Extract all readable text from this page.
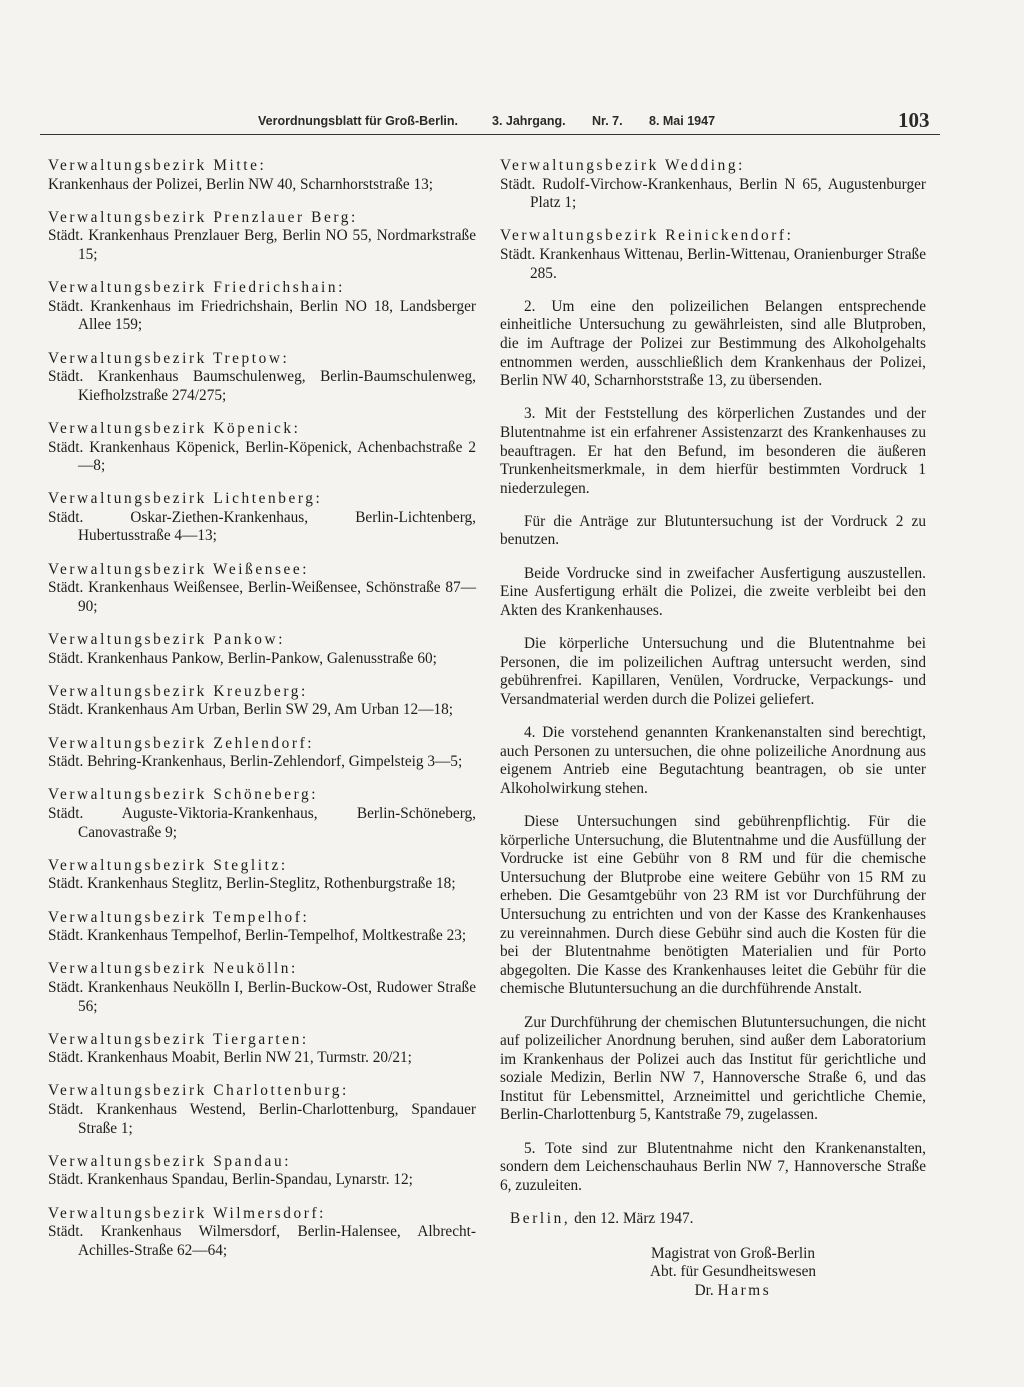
Verordnungsblatt für Groß-Berlin.	3. Jahrgang. Nr. 7. 8. Mai 1947	103
Verwaltungsbezirk Mitte:
Krankenhaus der Polizei, Berlin NW 40, Scharnhorststraße 13;
Verwaltungsbezirk Prenzlauer Berg:
Städt. Krankenhaus Prenzlauer Berg, Berlin NO 55, Nordmarkstraße 15;
Verwaltungsbezirk Friedrichshain:
Städt. Krankenhaus im Friedrichshain, Berlin NO 18, Landsberger Allee 159;
Verwaltungsbezirk Treptow:
Städt. Krankenhaus Baumschulenweg, Berlin-Baumschulenweg, Kiefholzstraße 274/275;
Verwaltungsbezirk Köpenick:
Städt. Krankenhaus Köpenick, Berlin-Köpenick, Achenbachstraße 2—8;
Verwaltungsbezirk Lichtenberg:
Städt. Oskar-Ziethen-Krankenhaus, Berlin-Lichtenberg, Hubertusstraße 4—13;
Verwaltungsbezirk Weißensee:
Städt. Krankenhaus Weißensee, Berlin-Weißensee, Schönstraße 87—90;
Verwaltungsbezirk Pankow:
Städt. Krankenhaus Pankow, Berlin-Pankow, Galenusstraße 60;
Verwaltungsbezirk Kreuzberg:
Städt. Krankenhaus Am Urban, Berlin SW 29, Am Urban 12—18;
Verwaltungsbezirk Zehlendorf:
Städt. Behring-Krankenhaus, Berlin-Zehlendorf, Gimpelsteig 3—5;
Verwaltungsbezirk Schöneberg:
Städt. Auguste-Viktoria-Krankenhaus, Berlin-Schöneberg, Canovastraße 9;
Verwaltungsbezirk Steglitz:
Städt. Krankenhaus Steglitz, Berlin-Steglitz, Rothenburgstraße 18;
Verwaltungsbezirk Tempelhof:
Städt. Krankenhaus Tempelhof, Berlin-Tempelhof, Moltkestraße 23;
Verwaltungsbezirk Neukölln:
Städt. Krankenhaus Neukölln I, Berlin-Buckow-Ost, Rudower Straße 56;
Verwaltungsbezirk Tiergarten:
Städt. Krankenhaus Moabit, Berlin NW 21, Turmstr. 20/21;
Verwaltungsbezirk Charlottenburg:
Städt. Krankenhaus Westend, Berlin-Charlottenburg, Spandauer Straße 1;
Verwaltungsbezirk Spandau:
Städt. Krankenhaus Spandau, Berlin-Spandau, Lynarstr. 12;
Verwaltungsbezirk Wilmersdorf:
Städt. Krankenhaus Wilmersdorf, Berlin-Halensee, Albrecht-Achilles-Straße 62—64;
Verwaltungsbezirk Wedding:
Städt. Rudolf-Virchow-Krankenhaus, Berlin N 65, Augustenburger Platz 1;
Verwaltungsbezirk Reinickendorf:
Städt. Krankenhaus Wittenau, Berlin-Wittenau, Oranienburger Straße 285.

2. Um eine den polizeilichen Belangen entsprechende einheitliche Untersuchung zu gewährleisten, sind alle Blutproben, die im Auftrage der Polizei zur Bestimmung des Alkoholgehalts entnommen werden, ausschließlich dem Krankenhaus der Polizei, Berlin NW 40, Scharnhorststraße 13, zu übersenden.

3. Mit der Feststellung des körperlichen Zustandes und der Blutentnahme ist ein erfahrener Assistenzarzt des Krankenhauses zu beauftragen. Er hat den Befund, im besonderen die äußeren Trunkenheitsmerkmale, in dem hierfür bestimmten Vordruck 1 niederzulegen.

Für die Anträge zur Blutuntersuchung ist der Vordruck 2 zu benutzen.

Beide Vordrucke sind in zweifacher Ausfertigung auszustellen. Eine Ausfertigung erhält die Polizei, die zweite verbleibt bei den Akten des Krankenhauses.

Die körperliche Untersuchung und die Blutentnahme bei Personen, die im polizeilichen Auftrag untersucht werden, sind gebührenfrei. Kapillaren, Venülen, Vordrucke, Verpackungs- und Versandmaterial werden durch die Polizei geliefert.

4. Die vorstehend genannten Krankenanstalten sind berechtigt, auch Personen zu untersuchen, die ohne polizeiliche Anordnung aus eigenem Antrieb eine Begutachtung beantragen, ob sie unter Alkoholwirkung stehen.

Diese Untersuchungen sind gebührenpflichtig. Für die körperliche Untersuchung, die Blutentnahme und die Ausfüllung der Vordrucke ist eine Gebühr von 8 RM und für die chemische Untersuchung der Blutprobe eine weitere Gebühr von 15 RM zu erheben. Die Gesamtgebühr von 23 RM ist vor Durchführung der Untersuchung zu entrichten und von der Kasse des Krankenhauses zu vereinnahmen. Durch diese Gebühr sind auch die Kosten für die bei der Blutentnahme benötigten Materialien und für Porto abgegolten. Die Kasse des Krankenhauses leitet die Gebühr für die chemische Blutuntersuchung an die durchführende Anstalt.

Zur Durchführung der chemischen Blutuntersuchungen, die nicht auf polizeilicher Anordnung beruhen, sind außer dem Laboratorium im Krankenhaus der Polizei auch das Institut für gerichtliche und soziale Medizin, Berlin NW 7, Hannoversche Straße 6, und das Institut für Lebensmittel, Arzneimittel und gerichtliche Chemie, Berlin-Charlottenburg 5, Kantstraße 79, zugelassen.

5. Tote sind zur Blutentnahme nicht den Krankenanstalten, sondern dem Leichenschauhaus Berlin NW 7, Hannoversche Straße 6, zuzuleiten.

Berlin, den 12. März 1947.

Magistrat von Groß-Berlin

Abt. für Gesundheitswesen

Dr. Harms
